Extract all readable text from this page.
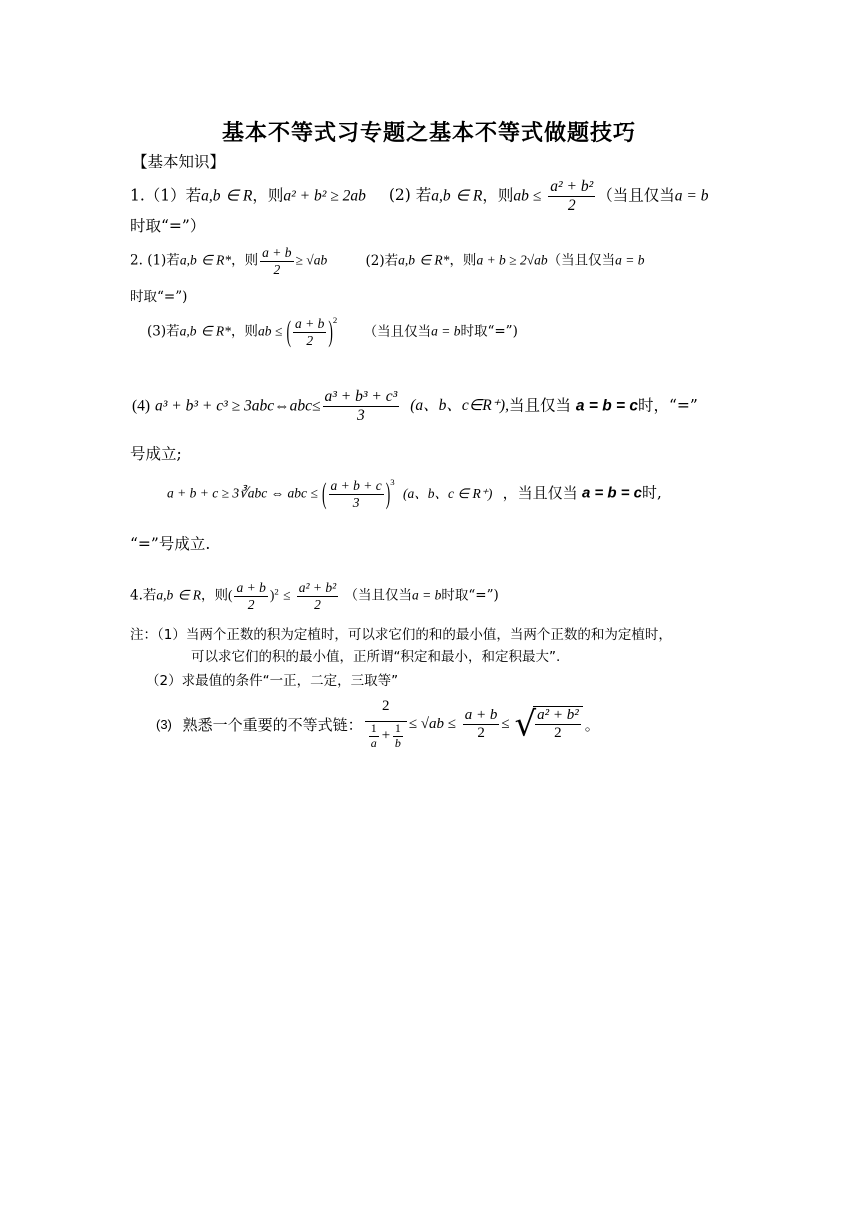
基本不等式习专题之基本不等式做题技巧
【基本知识】
1.（1）若a,b ∈ R，则a² + b² ≥ 2ab (2) 若a,b ∈ R，则ab ≤ $\frac{\text{a² + b²}}{2}$ （当且仅当a = b
时取“=”）
2. (1)若a,b ∈ R*，则 $\frac{a + b}{2} \ge √ab$	(2)若a,b ∈ R*，则a + b ≥ 2√ab（当且仅当a = b
时取“=”)
(3)若a,b ∈ R*，则ab ≤ ( $\frac{a + b}{2} )^2$ （当且仅当a = b时取“=”)
(4) a³ + b³ + c³ ≥ 3abc⇔abc≤ $\frac{\text{a³ + b³ + c³}}{3} (a$、b、c∈R⁺),当且仅当 a = b = c时，“=”
号成立;
a + b + c ≥ 3∛abc ⇔ abc ≤ ( $\frac{a + b + c}{3} )^3$ (a、b、c ∈ R⁺) ，当且仅当 a = b = c时,
“=”号成立.
4.若a,b ∈ R，则( $\frac{a + b}{2} )^2 \le \frac{\text{a² + b²}}{2}$ （当且仅当a = b时取“=”)
注：（1）当两个正数的积为定植时，可以求它们的和的最小值，当两个正数的和为定植时，
可以求它们的积的最小值，正所谓“积定和最小，和定积最大”.
（2）求最值的条件“一正，二定，三取等”
(3) 熟悉一个重要的不等式链： $\frac{2}{\frac{1}{a} + \frac{1}{b}} \le √ab \le \frac{a + b}{2}$ ≤ √
$\frac{\text{a² + b²}}{2}$ 。
